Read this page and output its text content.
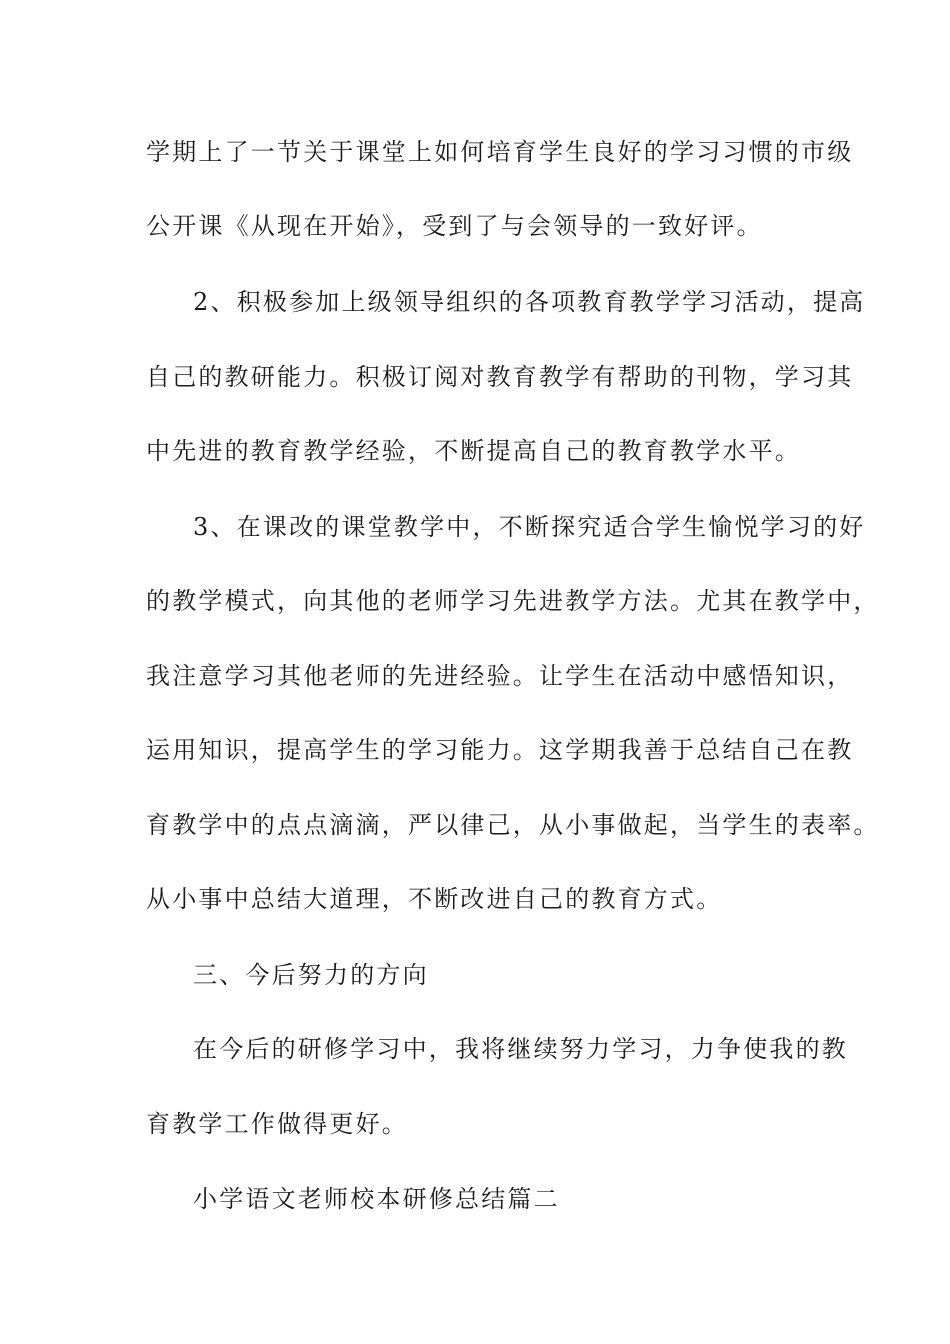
学期上了一节关于课堂上如何培育学生良好的学习习惯的市级
公开课《从现在开始》，受到了与会领导的一致好评。
2、积极参加上级领导组织的各项教育教学学习活动，提高
自己的教研能力。积极订阅对教育教学有帮助的刊物，学习其
中先进的教育教学经验，不断提高自己的教育教学水平。
3、在课改的课堂教学中，不断探究适合学生愉悦学习的好
的教学模式，向其他的老师学习先进教学方法。尤其在教学中，
我注意学习其他老师的先进经验。让学生在活动中感悟知识，
运用知识，提高学生的学习能力。这学期我善于总结自己在教
育教学中的点点滴滴，严以律己，从小事做起，当学生的表率。
从小事中总结大道理，不断改进自己的教育方式。
三、今后努力的方向
在今后的研修学习中，我将继续努力学习，力争使我的教
育教学工作做得更好。
小学语文老师校本研修总结篇二
